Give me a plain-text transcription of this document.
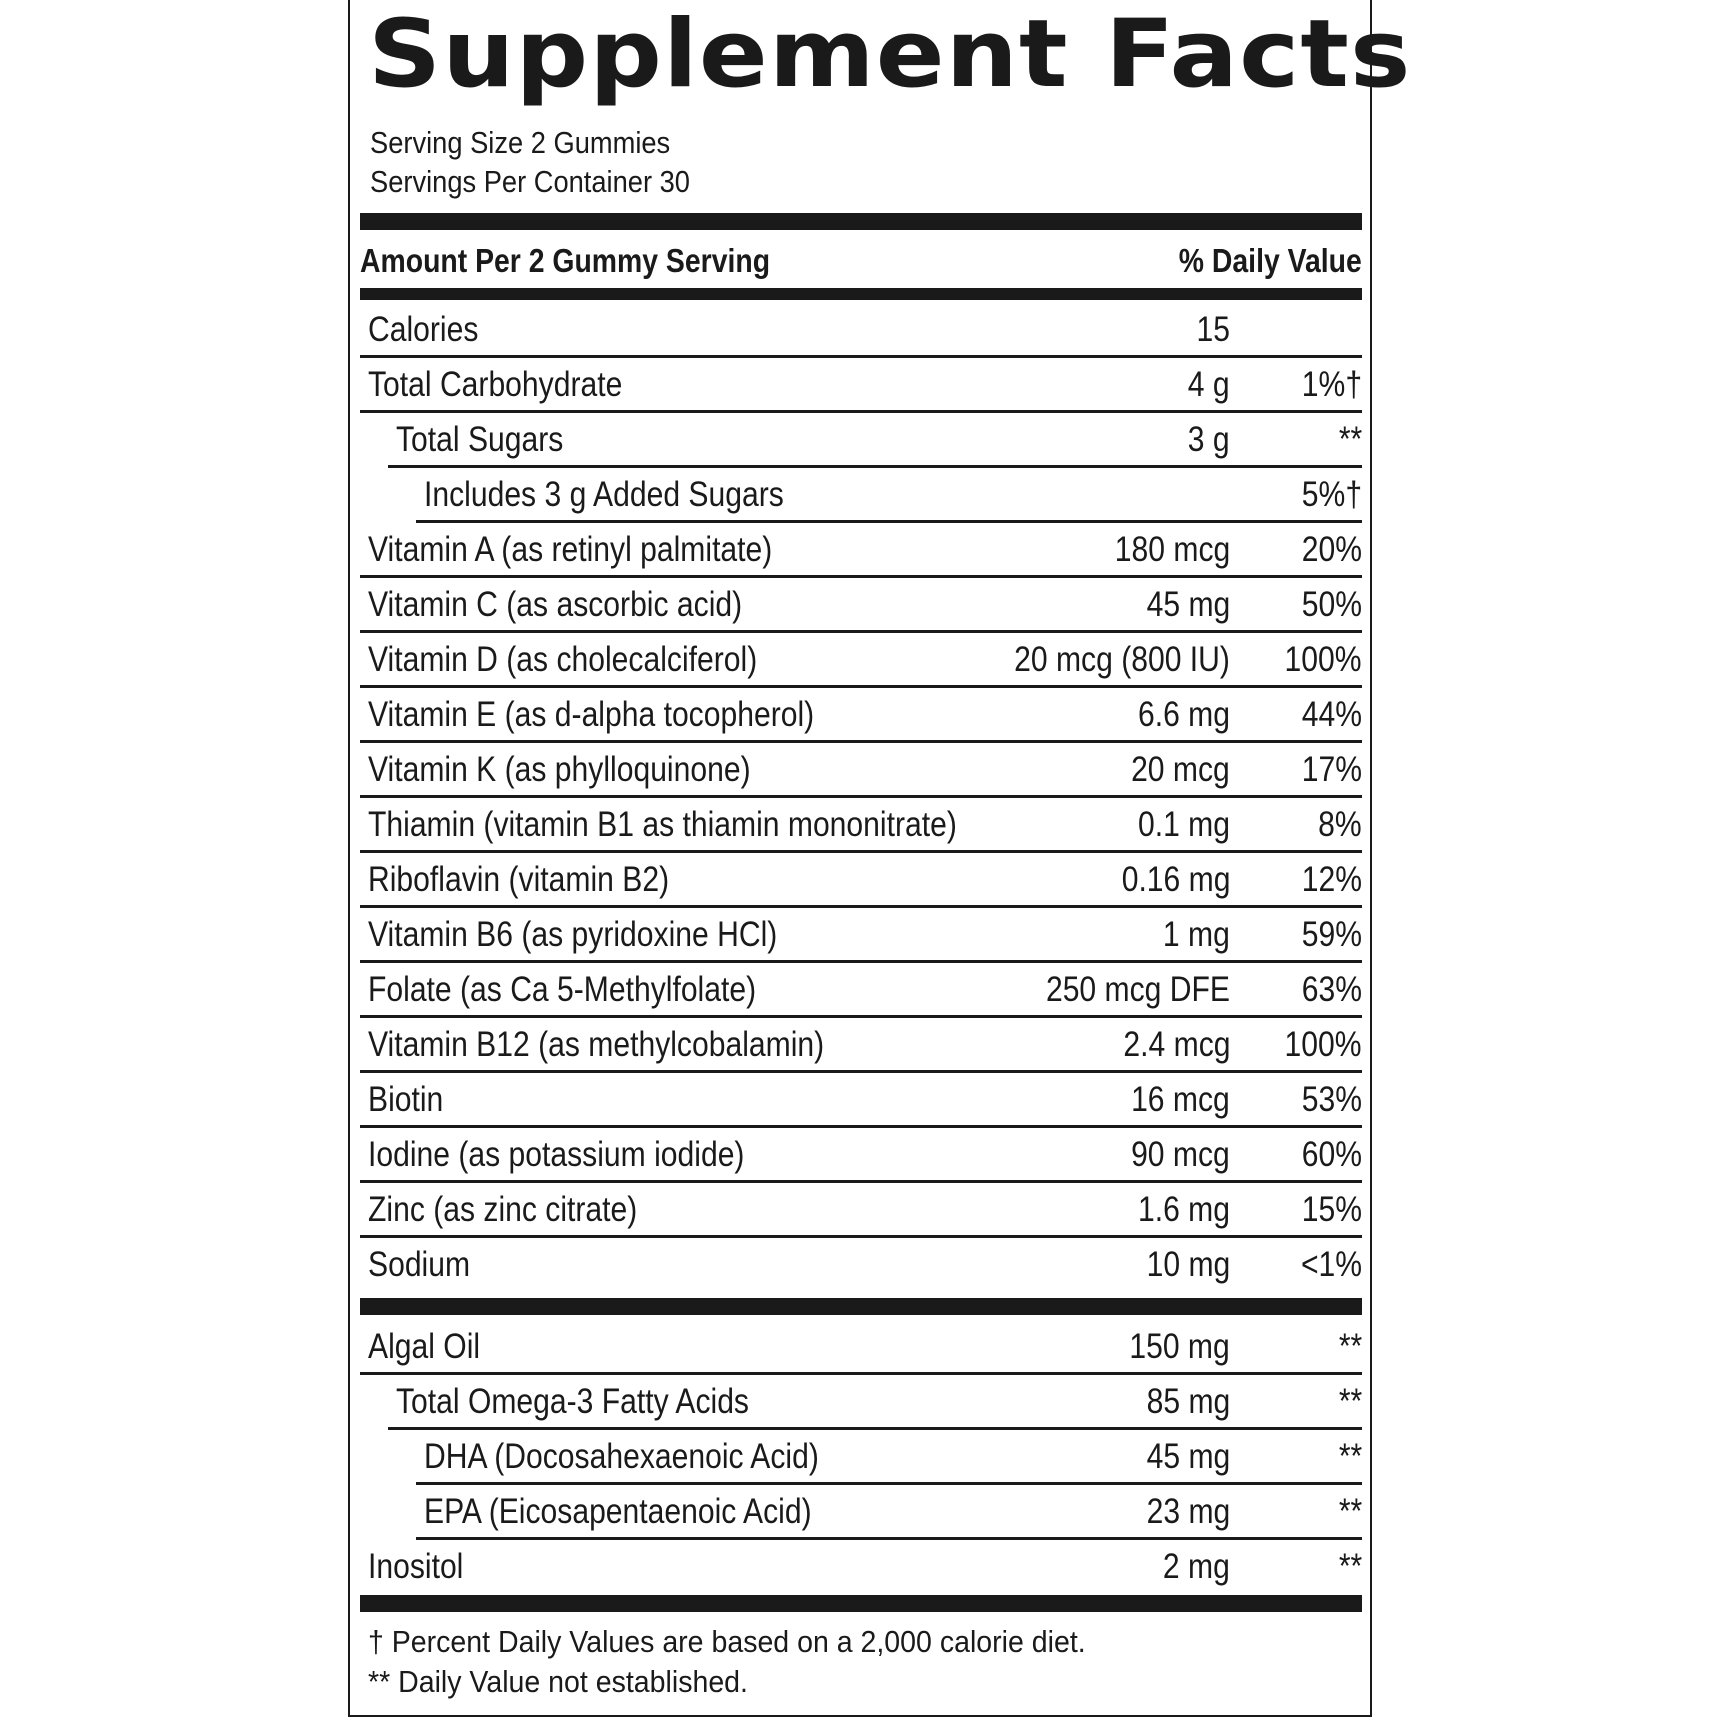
Supplement Facts
Serving Size 2 Gummies
Servings Per Container 30
Amount Per 2 Gummy Serving	% Daily Value
Calories	15
Total Carbohydrate	4 g 1%†
Total Sugars	3 g	**
Includes 3 g Added Sugars	5%†
Vitamin A (as retinyl palmitate)	180 mcg 20%
Vitamin C (as ascorbic acid)	45 mg 50%
Vitamin D (as cholecalciferol)	20 mcg (800 IU) 100%
Vitamin E (as d-alpha tocopherol)	6.6 mg 44%
Vitamin K (as phylloquinone)	20 mcg 17%
Thiamin (vitamin B1 as thiamin mononitrate)	0.1 mg	8%
Riboflavin (vitamin B2)	0.16 mg 12%
Vitamin B6 (as pyridoxine HCl)	1 mg 59%
Folate (as Ca 5-Methylfolate)	250 mcg DFE 63%
Vitamin B12 (as methylcobalamin)	2.4 mcg 100%
Biotin	16 mcg 53%
Iodine (as potassium iodide)	90 mcg 60%
Zinc (as zinc citrate)	1.6 mg 15%
Sodium	10 mg <1%
Algal Oil	150 mg	**
Total Omega-3 Fatty Acids	85 mg	**
DHA (Docosahexaenoic Acid)	45 mg	**
EPA (Eicosapentaenoic Acid)	23 mg	**
Inositol	2 mg	**
† Percent Daily Values are based on a 2,000 calorie diet.
** Daily Value not established.
